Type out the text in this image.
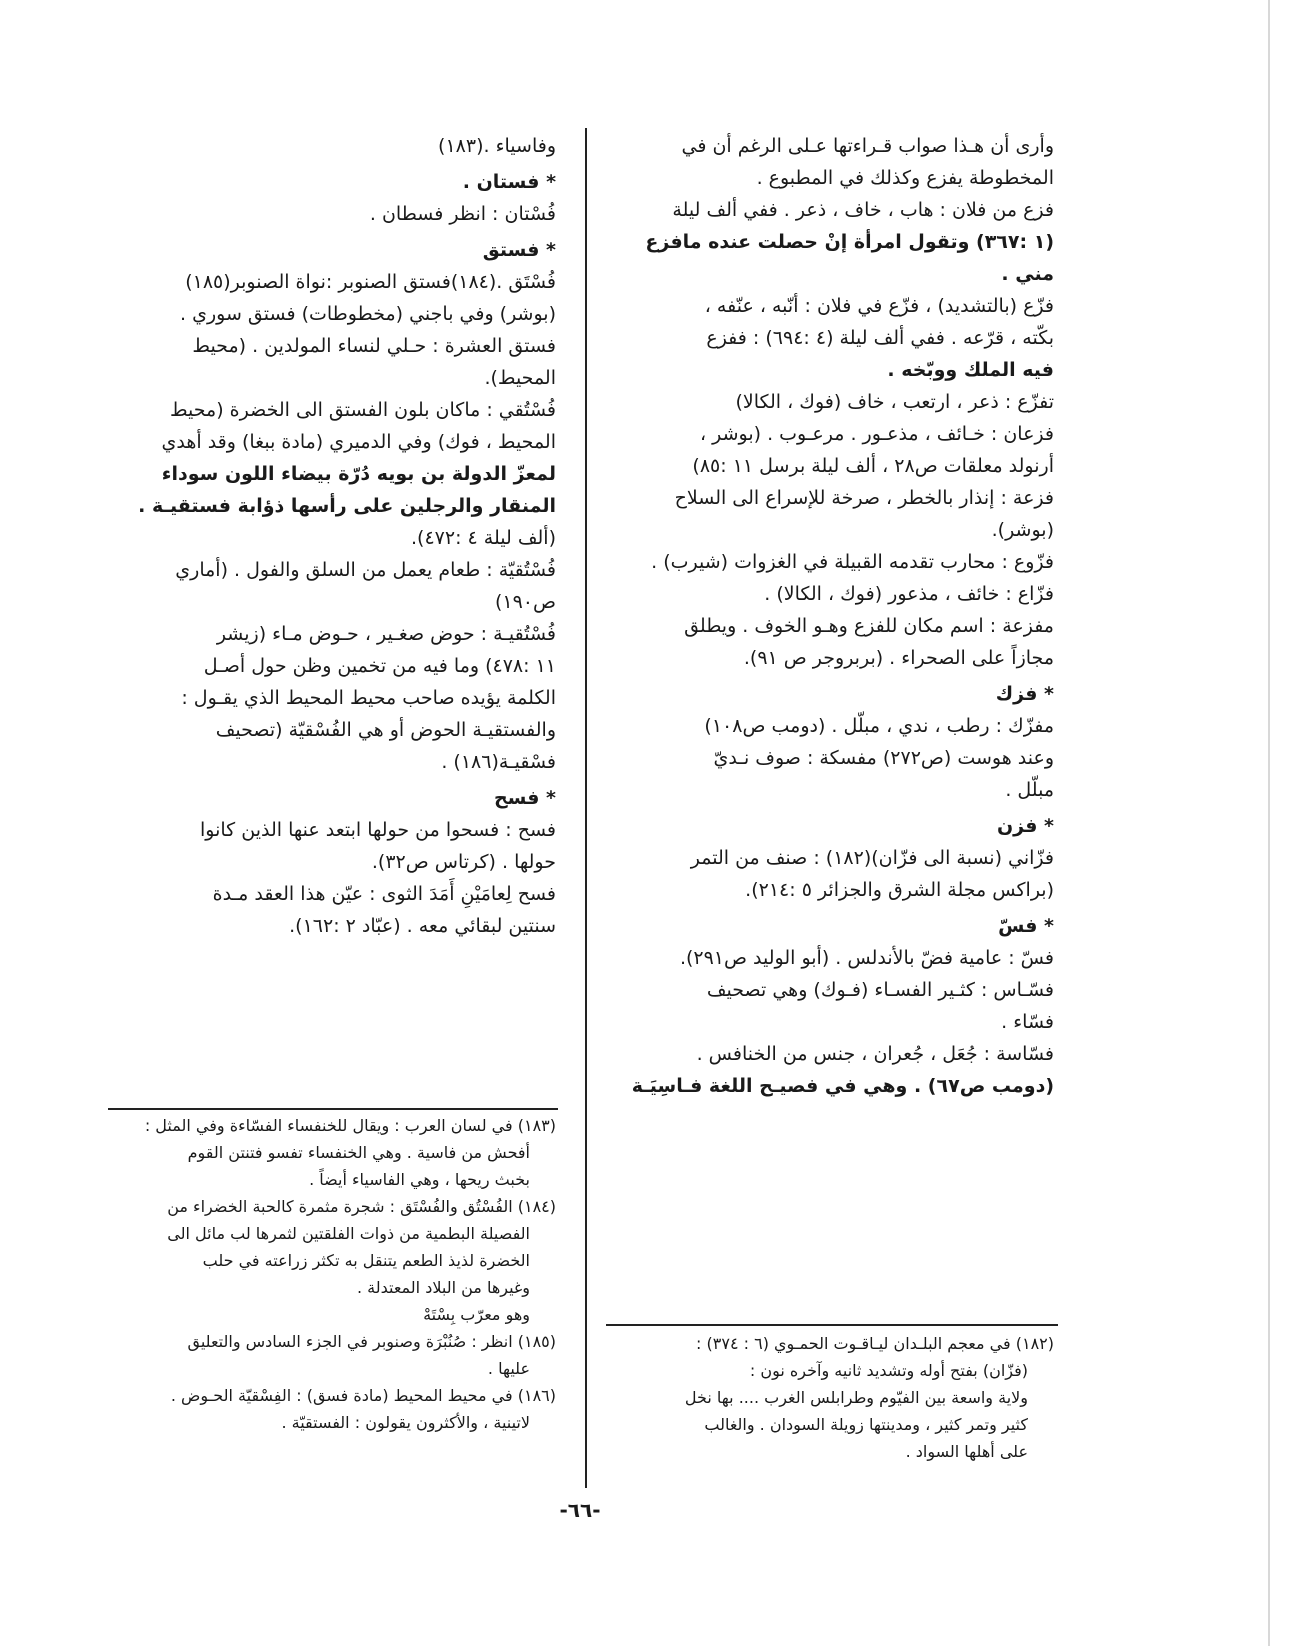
وأرى أن هـذا صواب قـراءتها عـلى الرغم أن في

المخطوطة يفزع وكذلك في المطبوع .

فزع من فلان : هاب ، خاف ، ذعر . ففي ألف ليلة

(١ :٣٦٧) وتقول امرأة إنْ حصلت عنده مافزع

مني .

فزّع (بالتشديد) ، فزّع في فلان : أنّبه ، عنّفه ،

بكّته ، قرّعه . ففي ألف ليلة (٤ :٦٩٤) : ففزع

فيه الملك ووبّخه .

تفزّع : ذعر ، ارتعب ، خاف (فوك ، الكالا)

فزعان : خـائف ، مذعـور . مرعـوب . (بوشر ،

أرنولد معلقات ص٢٨ ، ألف ليلة برسل ١١ :٨٥)

فزعة : إنذار بالخطر ، صرخة للإسراع الى السلاح

(بوشر).

فزّوع : محارب تقدمه القبيلة في الغزوات (شيرب) .

فزّاع : خائف ، مذعور (فوك ، الكالا) .

مفزعة : اسم مكان للفزع وهـو الخوف . ويطلق

مجازاً على الصحراء . (بربروجر ص ٩١).

* فزك

مفزّك : رطب ، ندي ، مبلّل . (دومب ص١٠٨)

وعند هوست (ص٢٧٢) مفسكة : صوف نـديّ

مبلّل .

* فزن

فزّاني (نسبة الى فزّان)(١٨٢) : صنف من التمر

(براكس مجلة الشرق والجزائر ٥ :٢١٤).

* فسّ

فسّ : عامية فضّ بالأندلس . (أبو الوليد ص٢٩١).

فسّـاس : كثـير الفسـاء (فـوك) وهي تصحيف

فسّاء .

فسّاسة : جُعَل ، جُعران ، جنس من الخنافس .

(دومب ص٦٧) . وهي في فصيـح اللغة فـاسِيَـة

وفاسياء .(١٨٣)

* فستان .

فُسْتان : انظر فسطان .

* فستق

فُسْتَق .(١٨٤)فستق الصنوبر :نواة الصنوبر(١٨٥)

(بوشر) وفي باجني (مخطوطات) فستق سوري .

فستق العشرة : حـلي لنساء المولدين . (محيط

المحيط).

فُسْتُقي : ماكان بلون الفستق الى الخضرة (محيط

المحيط ، فوك) وفي الدميري (مادة ببغا) وقد أهدي

لمعزّ الدولة بن بويه دُرّة بيضاء اللون سوداء

المنقار والرجلين على رأسها ذؤابة فستقيـة .

(ألف ليلة ٤ :٤٧٢).

فُسْتُقيّة : طعام يعمل من السلق والفول . (أماري

ص١٩٠)

فُسْتُقيـة : حوض صغـير ، حـوض مـاء (زيشر

١١ :٤٧٨) وما فيه من تخمين وظن حول أصـل

الكلمة يؤيده صاحب محيط المحيط الذي يقـول :

والفستقيـة الحوض أو هي الفُسْقيّة (تصحيف

فسْقيـة(١٨٦) .

* فسح

فسح : فسحوا من حولها ابتعد عنها الذين كانوا

حولها . (كرتاس ص٣٢).

فسح لِعامَيْنِ أَمَدَ الثوى : عيّن هذا العقد مـدة

سنتين لبقائي معه . (عبّاد ٢ :١٦٢).

(١٨٣) في لسان العرب : ويقال للخنفساء الفسّاءة وفي المثل :

أفحش من فاسية . وهي الخنفساء تفسو فتنتن القوم

بخبث ريحها ، وهي الفاسياء أيضاً .

(١٨٤) الفُسْتُق والفُسْتَق : شجرة مثمرة كالحبة الخضراء من

الفصيلة البطمية من ذوات الفلقتين لثمرها لب مائل الى

الخضرة لذيذ الطعم يتنقل به تكثر زراعته في حلب

وغيرها من البلاد المعتدلة .

وهو معرّب بِسْتَهْ

(١٨٥) انظر : صُنُبْرَة وصنوبر في الجزء السادس والتعليق

عليها .

(١٨٦) في محيط المحيط (مادة فسق) : الفِسْقيّة الحـوض .

لاتينية ، والأكثرون يقولون : الفستقيّة .

(١٨٢) في معجم البلـدان ليـاقـوت الحمـوي (٦ : ٣٧٤) :

(فزّان) بفتح أوله وتشديد ثانيه وآخره نون :

ولاية واسعة بين الفيّوم وطرابلس الغرب .... بها نخل

كثير وتمر كثير ، ومدينتها زويلة السودان . والغالب

على أهلها السواد .

-٦٦-
